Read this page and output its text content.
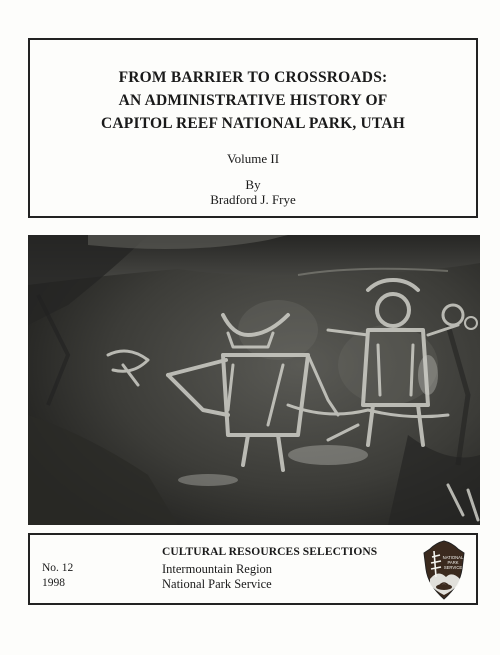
FROM BARRIER TO CROSSROADS:
AN ADMINISTRATIVE HISTORY OF
CAPITOL REEF NATIONAL PARK, UTAH
Volume II
By
Bradford J. Frye
CULTURAL RESOURCES SELECTIONS
No. 12
1998
Intermountain Region
National Park Service
NATIONAL
PARK
SERVICE
